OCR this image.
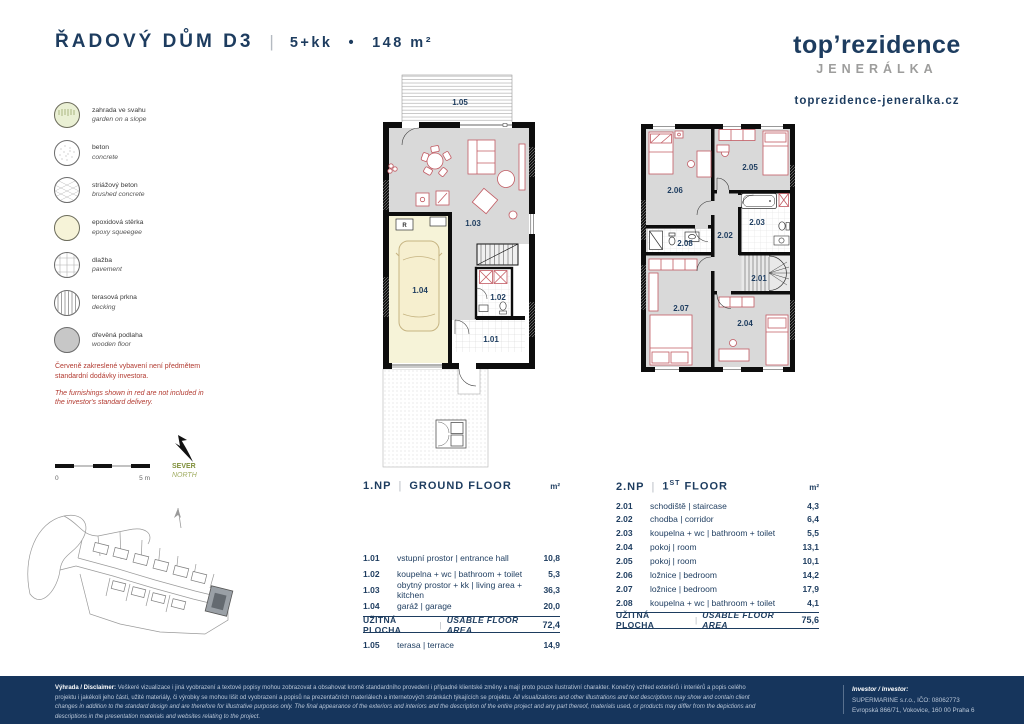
ŘADOVÝ DŮM D3 | 5+kk • 148 m²	top’rezidence
JENERÁLKA
toprezidence-jeneralka.cz
zahrada ve svahu
garden on a slope
beton
concrete
striážový beton
brushed concrete
epoxidová stěrka
epoxy squeegee
dlažba
pavement
terasová prkna
decking
dřevěná podlaha
wooden floor

Červeně zakreslené vybavení není předmětem standardní dodávky investora.

The furnishings shown in red are not included in the investor's standard delivery.

0	5 m
SEVER
NORTH
R
1.05
1.03
1.04
1.02
1.01
2.06
2.05
2.03
2.02
2.08
2.01
2.07
2.04
1.NP | GROUND FLOOR	m²
1.01	vstupní prostor | entrance hall	10,8
1.02	koupelna + wc | bathroom + toilet	5,3
1.03	obytný prostor + kk | living area + kitchen	36,3
1.04	garáž | garage	20,0
UŽITNÁ PLOCHA	| USABLE FLOOR AREA	72,4
1.05	terasa | terrace	14,9
2.NP | 1ST FLOOR	m²
2.01	schodiště | staircase	4,3
2.02	chodba | corridor	6,4
2.03	koupelna + wc | bathroom + toilet	5,5
2.04	pokoj | room	13,1
2.05	pokoj | room	10,1
2.06	ložnice | bedroom	14,2
2.07	ložnice | bedroom	17,9
2.08	koupelna + wc | bathroom + toilet	4,1
UŽITNÁ PLOCHA	| USABLE FLOOR AREA	75,6
Výhrada / Disclaimer: Veškeré vizualizace i jiná vyobrazení a textové popisy mohou zobrazovat a obsahovat kromě standardního provedení i případné klientské změny a mají proto pouze ilustrativní charakter. Konečný vzhled exteriérů i interiérů a popis celého projektu i jakékoli jeho části, užité materiály, či výrobky se mohou lišit od vyobrazení a popisů na prezentačních materiálech a internetových stránkách týkajících se projektu. All visualizations and other illustrations and text descriptions may show and contain client changes in addition to the standard design and are therefore for illustrative purposes only. The final appearance of the exteriors and interiors and the description of the entire project and any part thereof, materials used, or products may differ from the depictions and descriptions in the presentation materials and websites relating to the project.
Investor / Investor:
SUPERMARINE s.r.o., IČO: 08062773
Evropská 866/71, Vokovice, 160 00 Praha 6
